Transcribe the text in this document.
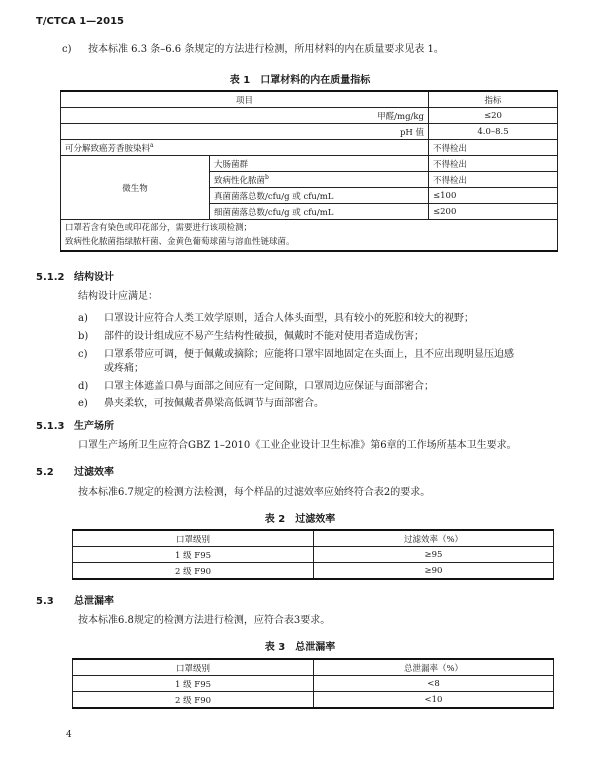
T/CTCA 1—2015
c) 按本标准 6.3 条–6.6 条规定的方法进行检测，所用材料的内在质量要求见表 1。
表 1　口罩材料的内在质量指标
项目		指标
甲醛/mg/kg		≤20
pH 值		4.0–8.5
可分解致癌芳香胺染料$^a$		不得检出
微生物	大肠菌群	不得检出
	致病性化脓菌$^b$	不得检出
	真菌菌落总数/cfu/g 或 cfu/mL	≤100
	细菌菌落总数/cfu/g 或 cfu/mL	≤200

口罩若含有染色或印花部分，需要进行该项检测；
致病性化脓菌指绿脓杆菌、金黄色葡萄球菌与溶血性链球菌。		
5.1.2 结构设计
结构设计应满足：
a) 口罩设计应符合人类工效学原则，适合人体头面型，具有较小的死腔和较大的视野；
b) 部件的设计组成应不易产生结构性破损，佩戴时不能对使用者造成伤害；
c) 口罩系带应可调，便于佩戴或摘除；应能将口罩牢固地固定在头面上，且不应出现明显压迫感
或疼痛；
d) 口罩主体遮盖口鼻与面部之间应有一定间隙，口罩周边应保证与面部密合；
e) 鼻夹柔软，可按佩戴者鼻梁高低调节与面部密合。
5.1.3 生产场所
口罩生产场所卫生应符合GBZ 1–2010《工业企业设计卫生标准》第6章的工作场所基本卫生要求。
5.2 过滤效率
按本标准6.7规定的检测方法检测，每个样品的过滤效率应始终符合表2的要求。
表 2　过滤效率
口罩级别	过滤效率（%）
1 级 F95	≥95
2 级 F90	≥90
5.3 总泄漏率
按本标准6.8规定的检测方法进行检测，应符合表3要求。
表 3　总泄漏率
口罩级别	总泄漏率（%）
1 级 F95	<8
2 级 F90	<10
4
